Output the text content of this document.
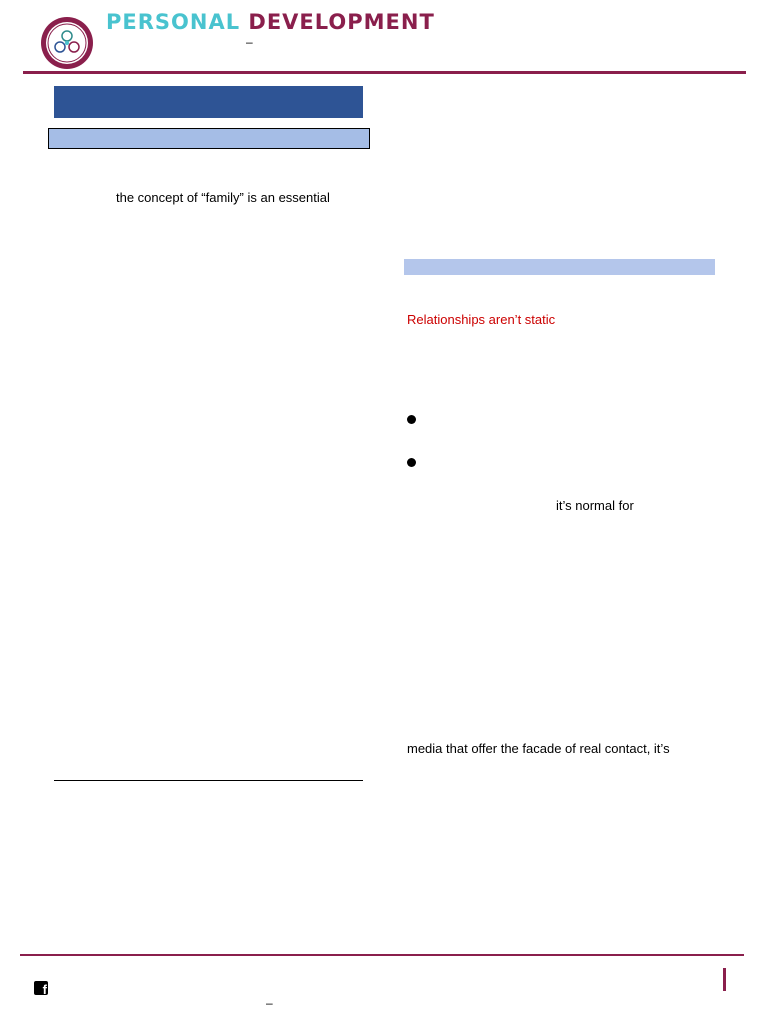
PERSONAL DEVELOPMENT
–
the concept of “family” is an essential
Relationships aren’t static
it’s normal for
media that offer the facade of real contact, it’s
f
–
